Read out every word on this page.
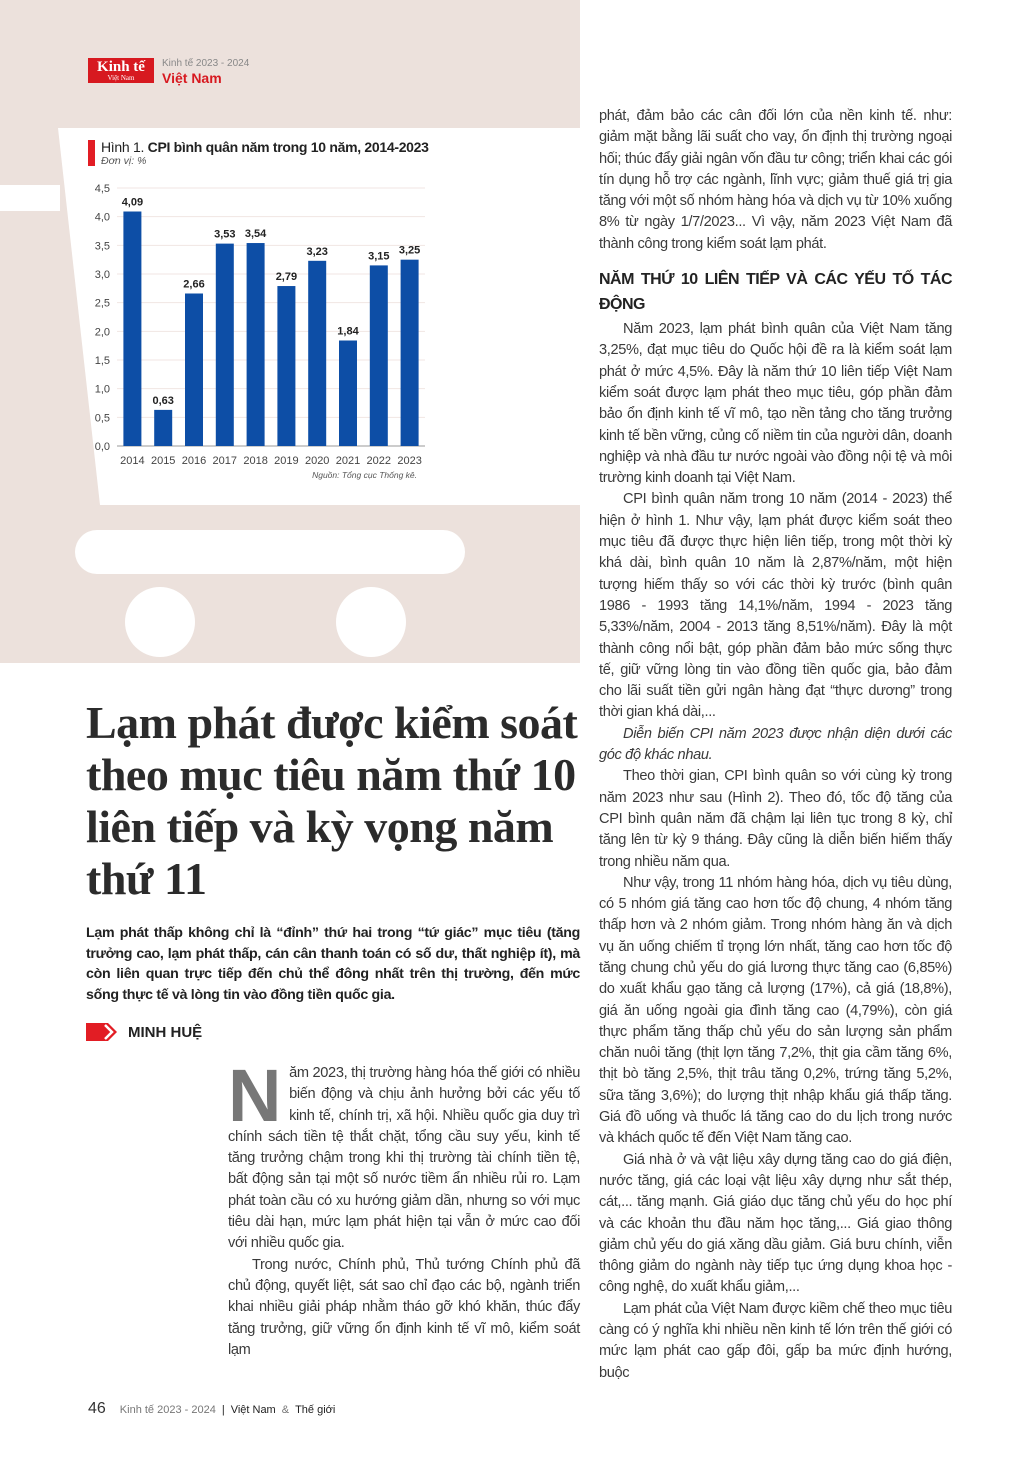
Kinh tế
Việt Nam
Kinh tế 2023 - 2024
Việt Nam
Hình 1. CPI bình quân năm trong 10 năm, 2014-2023
Đơn vị: %
0,0
0,5
1,0
1,5
2,0
2,5
3,0
3,5
4,0
4,5
4,09
2014
0,63
2015
2,66
2016
3,53
2017
3,54
2018
2,79
2019
3,23
2020
1,84
2021
3,15
2022
3,25
2023
Nguồn: Tổng cục Thống kê.
Lạm phát được kiểm soát theo mục tiêu năm thứ 10 liên tiếp và kỳ vọng năm thứ 11
Lạm phát thấp không chỉ là “đỉnh” thứ hai trong “tứ giác” mục tiêu (tăng trưởng cao, lạm phát thấp, cán cân thanh toán có số dư, thất nghiệp ít), mà còn liên quan trực tiếp đến chủ thể đông nhất trên thị trường, đến mức sống thực tế và lòng tin vào đồng tiền quốc gia.
MINH HUỆ

Năm 2023, thị trường hàng hóa thế giới có nhiều biến động và chịu ảnh hưởng bởi các yếu tố kinh tế, chính trị, xã hội. Nhiều quốc gia duy trì chính sách tiền tệ thắt chặt, tổng cầu suy yếu, kinh tế tăng trưởng chậm trong khi thị trường tài chính tiền tệ, bất động sản tại một số nước tiềm ẩn nhiều rủi ro. Lạm phát toàn cầu có xu hướng giảm dần, nhưng so với mục tiêu dài hạn, mức lạm phát hiện tại vẫn ở mức cao đối với nhiều quốc gia.

Trong nước, Chính phủ, Thủ tướng Chính phủ đã chủ động, quyết liệt, sát sao chỉ đạo các bộ, ngành triển khai nhiều giải pháp nhằm tháo gỡ khó khăn, thúc đẩy tăng trưởng, giữ vững ổn định kinh tế vĩ mô, kiểm soát lạm

phát, đảm bảo các cân đối lớn của nền kinh tế. như: giảm mặt bằng lãi suất cho vay, ổn định thị trường ngoại hối; thúc đẩy giải ngân vốn đầu tư công; triển khai các gói tín dụng hỗ trợ các ngành, lĩnh vực; giảm thuế giá trị gia tăng với một số nhóm hàng hóa và dịch vụ từ 10% xuống 8% từ ngày 1/7/2023... Vì vậy, năm 2023 Việt Nam đã thành công trong kiểm soát lạm phát.

NĂM THỨ 10 LIÊN TIẾP VÀ CÁC YẾU TỐ TÁC ĐỘNG

Năm 2023, lạm phát bình quân của Việt Nam tăng 3,25%, đạt mục tiêu do Quốc hội đề ra là kiểm soát lạm phát ở mức 4,5%. Đây là năm thứ 10 liên tiếp Việt Nam kiểm soát được lạm phát theo mục tiêu, góp phần đảm bảo ổn định kinh tế vĩ mô, tạo nền tảng cho tăng trưởng kinh tế bền vững, củng cố niềm tin của người dân, doanh nghiệp và nhà đầu tư nước ngoài vào đồng nội tệ và môi trường kinh doanh tại Việt Nam.

CPI bình quân năm trong 10 năm (2014 - 2023) thể hiện ở hình 1. Như vậy, lạm phát được kiểm soát theo mục tiêu đã được thực hiện liên tiếp, trong một thời kỳ khá dài, bình quân 10 năm là 2,87%/năm, một hiện tượng hiếm thấy so với các thời kỳ trước (bình quân 1986 - 1993 tăng 14,1%/năm, 1994 - 2023 tăng 5,33%/năm, 2004 - 2013 tăng 8,51%/năm). Đây là một thành công nổi bật, góp phần đảm bảo mức sống thực tế, giữ vững lòng tin vào đồng tiền quốc gia, bảo đảm cho lãi suất tiền gửi ngân hàng đạt “thực dương” trong thời gian khá dài,...

Diễn biến CPI năm 2023 được nhận diện dưới các góc độ khác nhau.

Theo thời gian, CPI bình quân so với cùng kỳ trong năm 2023 như sau (Hình 2). Theo đó, tốc độ tăng của CPI bình quân năm đã chậm lại liên tục trong 8 kỳ, chỉ tăng lên từ kỳ 9 tháng. Đây cũng là diễn biến hiếm thấy trong nhiều năm qua.

Như vậy, trong 11 nhóm hàng hóa, dịch vụ tiêu dùng, có 5 nhóm giá tăng cao hơn tốc độ chung, 4 nhóm tăng thấp hơn và 2 nhóm giảm. Trong nhóm hàng ăn và dịch vụ ăn uống chiếm tỉ trọng lớn nhất, tăng cao hơn tốc độ tăng chung chủ yếu do giá lương thực tăng cao (6,85%) do xuất khẩu gạo tăng cả lượng (17%), cả giá (18,8%), giá ăn uống ngoài gia đình tăng cao (4,79%), còn giá thực phẩm tăng thấp chủ yếu do sản lượng sản phẩm chăn nuôi tăng (thịt lợn tăng 7,2%, thịt gia cầm tăng 6%, thịt bò tăng 2,5%, thịt trâu tăng 0,2%, trứng tăng 5,2%, sữa tăng 3,6%); do lượng thịt nhập khẩu giá thấp tăng. Giá đồ uống và thuốc lá tăng cao do du lịch trong nước và khách quốc tế đến Việt Nam tăng cao.

Giá nhà ở và vật liệu xây dựng tăng cao do giá điện, nước tăng, giá các loại vật liệu xây dựng như sắt thép, cát,... tăng mạnh. Giá giáo dục tăng chủ yếu do học phí và các khoản thu đầu năm học tăng,... Giá giao thông giảm chủ yếu do giá xăng dầu giảm. Giá bưu chính, viễn thông giảm do ngành này tiếp tục ứng dụng khoa học - công nghệ, do xuất khẩu giảm,...

Lạm phát của Việt Nam được kiềm chế theo mục tiêu càng có ý nghĩa khi nhiều nền kinh tế lớn trên thế giới có mức lạm phát cao gấp đôi, gấp ba mức định hướng, buộc

46 Kinh tế 2023 - 2024 | Việt Nam & Thế giới
